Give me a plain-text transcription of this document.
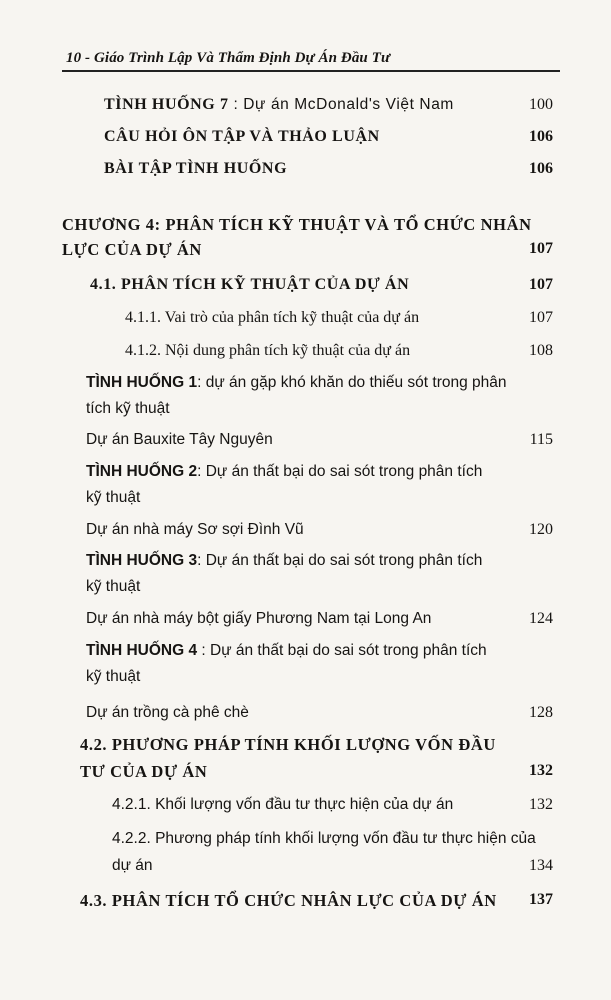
10 - Giáo Trình Lập Và Thẩm Định Dự Án Đầu Tư
TÌNH HUỐNG 7 : Dự án McDonald's Việt Nam	100
CÂU HỎI ÔN TẬP VÀ THẢO LUẬN	106
BÀI TẬP TÌNH HUỐNG	106
CHƯƠNG 4: PHÂN TÍCH KỸ THUẬT VÀ TỔ CHỨC NHÂN
LỰC CỦA DỰ ÁN	107
4.1. PHÂN TÍCH KỸ THUẬT CỦA DỰ ÁN	107
4.1.1. Vai trò của phân tích kỹ thuật của dự án	107
4.1.2. Nội dung phân tích kỹ thuật của dự án	108
TÌNH HUỐNG 1: dự án gặp khó khăn do thiếu sót trong phân
tích kỹ thuật
Dự án Bauxite Tây Nguyên	115
TÌNH HUỐNG 2: Dự án thất bại do sai sót trong phân tích
kỹ thuật
Dự án nhà máy Sơ sợi Đình Vũ	120
TÌNH HUỐNG 3: Dự án thất bại do sai sót trong phân tích
kỹ thuật
Dự án nhà máy bột giấy Phương Nam tại Long An	124
TÌNH HUỐNG 4 : Dự án thất bại do sai sót trong phân tích
kỹ thuật
Dự án trồng cà phê chè	128
4.2. PHƯƠNG PHÁP TÍNH KHỐI LƯỢNG VỐN ĐẦU
TƯ CỦA DỰ ÁN	132
4.2.1. Khối lượng vốn đầu tư thực hiện của dự án	132
4.2.2. Phương pháp tính khối lượng vốn đầu tư thực hiện của
dự án	134
4.3. PHÂN TÍCH TỔ CHỨC NHÂN LỰC CỦA DỰ ÁN 137
